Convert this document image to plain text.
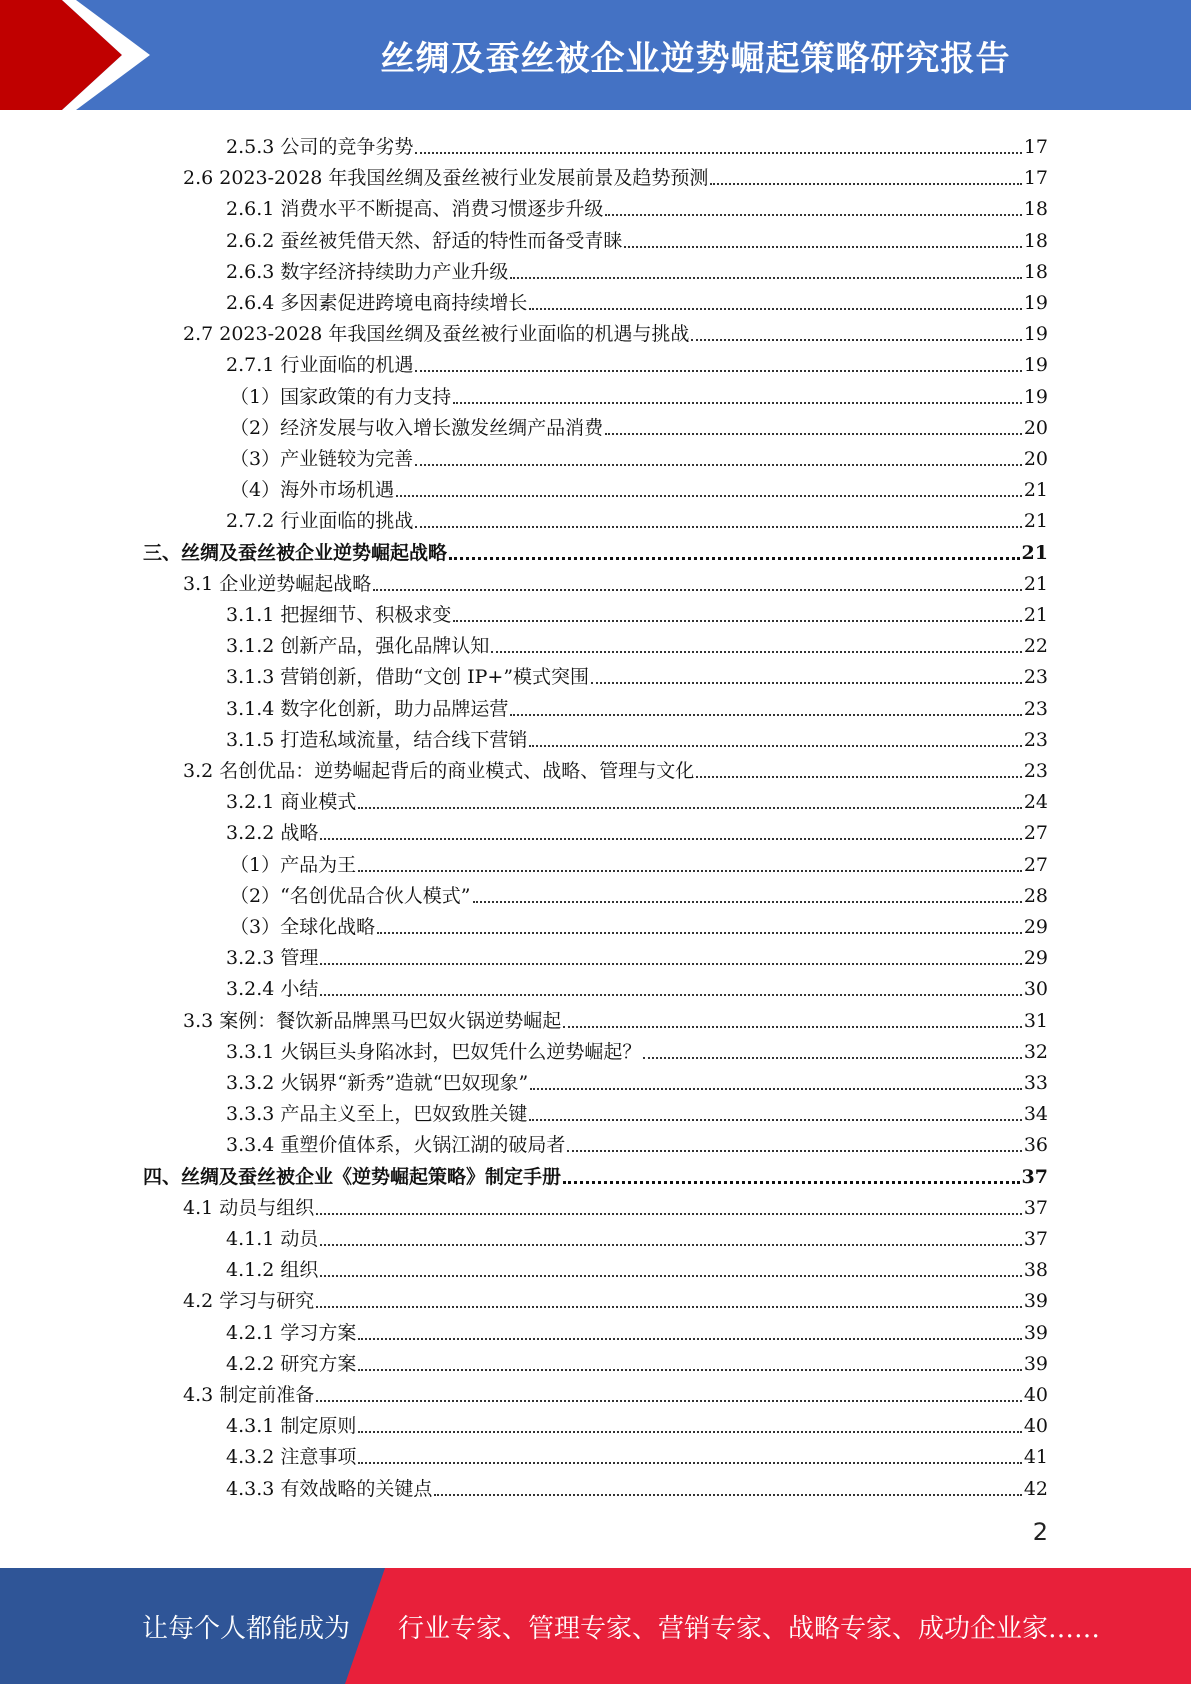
丝绸及蚕丝被企业逆势崛起策略研究报告
2.5.3 公司的竞争劣势	17
2.6 2023-2028 年我国丝绸及蚕丝被行业发展前景及趋势预测	17
2.6.1 消费水平不断提高、消费习惯逐步升级	18
2.6.2 蚕丝被凭借天然、舒适的特性而备受青睐	18
2.6.3 数字经济持续助力产业升级	18
2.6.4 多因素促进跨境电商持续增长	19
2.7 2023-2028 年我国丝绸及蚕丝被行业面临的机遇与挑战	19
2.7.1 行业面临的机遇	19
（1）国家政策的有力支持	19
（2）经济发展与收入增长激发丝绸产品消费	20
（3）产业链较为完善	20
（4）海外市场机遇	21
2.7.2 行业面临的挑战	21
三、丝绸及蚕丝被企业逆势崛起战略	21
3.1 企业逆势崛起战略	21
3.1.1 把握细节、积极求变	21
3.1.2 创新产品，强化品牌认知	22
3.1.3 营销创新，借助“文创 IP+”模式突围	23
3.1.4 数字化创新，助力品牌运营	23
3.1.5 打造私域流量，结合线下营销	23
3.2 名创优品：逆势崛起背后的商业模式、战略、管理与文化	23
3.2.1 商业模式	24
3.2.2 战略	27
（1）产品为王	27
（2）“名创优品合伙人模式”	28
（3）全球化战略	29
3.2.3 管理	29
3.2.4 小结	30
3.3 案例：餐饮新品牌黑马巴奴火锅逆势崛起	31
3.3.1 火锅巨头身陷冰封，巴奴凭什么逆势崛起？	32
3.3.2 火锅界“新秀”造就“巴奴现象”	33
3.3.3 产品主义至上，巴奴致胜关键	34
3.3.4 重塑价值体系，火锅江湖的破局者	36
四、丝绸及蚕丝被企业《逆势崛起策略》制定手册	37
4.1 动员与组织	37
4.1.1 动员	37
4.1.2 组织	38
4.2 学习与研究	39
4.2.1 学习方案	39
4.2.2 研究方案	39
4.3 制定前准备	40
4.3.1 制定原则	40
4.3.2 注意事项	41
4.3.3 有效战略的关键点	42
2
让每个人都能成为 行业专家、管理专家、营销专家、战略专家、成功企业家……
